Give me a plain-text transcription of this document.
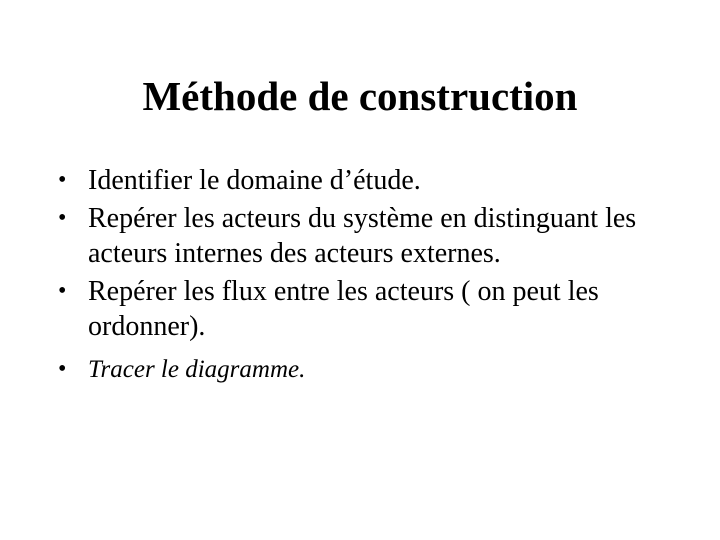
Méthode de construction
• Identifier le domaine d’étude.
• Repérer les acteurs du système en distinguant les acteurs internes des acteurs externes.
• Repérer les flux entre les acteurs ( on peut les ordonner).
• Tracer le diagramme.
